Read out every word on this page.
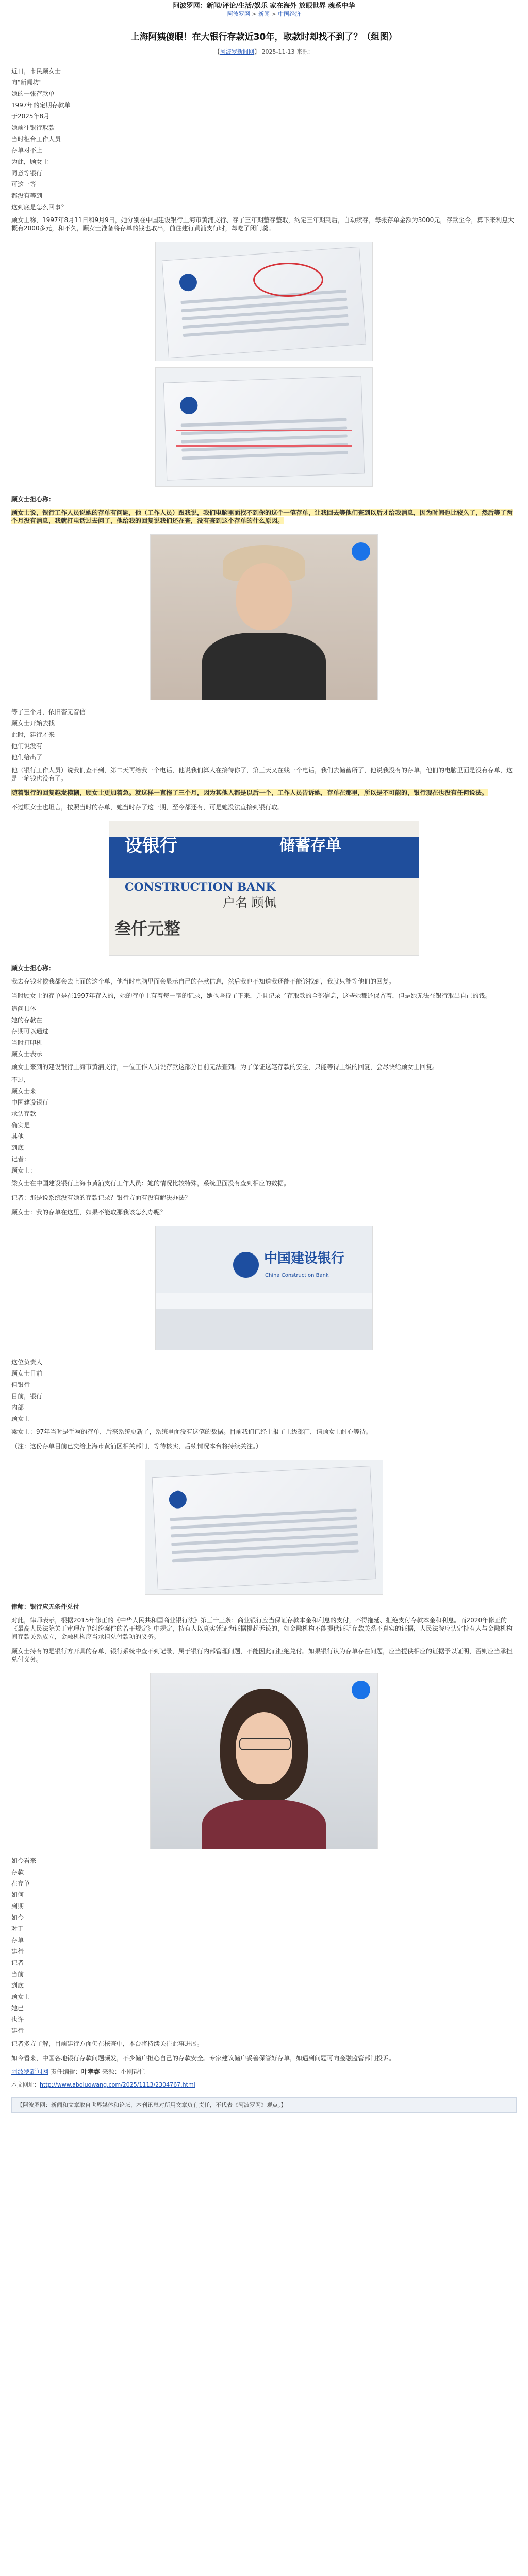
阿波罗网：新闻/评论/生活/娱乐 家在海外 放眼世界 魂系中华
阿波罗网 > 新闻 > 中国经济
上海阿姨傻眼！在大银行存款近30年，取款时却找不到了？（组图）
【阿波罗新闻网】 2025-11-13 来源：

近日，市民顾女士

向"新闻坊"

她的一张存款单

1997年的定期存款单

于2025年8月

她前往银行取款

当时柜台工作人员

存单对不上

为此，顾女士

同意等银行

可这一等

都没有等到

这到底是怎么回事？

顾女士称，1997年8月11日和9月9日，她分别在中国建设银行上海市黄浦支行、存了三年期整存整取，约定三年期到后，自动续存，每张存单金额为3000元，存款至今，算下来利息大概有2000多元，和不久，顾女士准备将存单的钱也取出，前往建行黄浦支行时，却吃了闭门羹。

顾女士担心称：

顾女士说，银行工作人员说她的存单有问题，他（工作人员）跟我说，我们电脑里面找不到你的这个一笔存单，让我回去等他们查到以后才给我消息，因为时间也比较久了，然后等了两个月没有消息，我就打电话过去问了，他给我的回复说我们还在查，没有查到这个存单的什么原因。

等了三个月，依旧杳无音信

顾女士开始去找

此时，建行才来

他们说没有

他们给出了

他（银行工作人员）说我们查不到，第二天再给我一个电话，他说我们算人在接待你了，第三天又在线一个电话，我们去储蓄所了，他说我没有的存单，他们的电脑里面是没有存单，这是一笔钱也没有了。

随着银行的回复越发模糊，顾女士更加着急。就这样一直拖了三个月，因为其他人都是以后一个，工作人员告诉她，存单在那里，所以是不可能的，银行现在也没有任何说法。

不过顾女士也坦言，按照当时的存单，她当时存了这一期，至今都还有，可是她没法直接到银行取。

设银行	储蓄存单
CONSTRUCTION BANK
户名 顾佩
叁仟元整

顾女士担心称：

我去存钱时候我都会去上面的这个单，他当时电脑里面会显示自己的存款信息，然后我也不知道我还能不能够找到，我就只能等他们的回复。

当时顾女士的存单是在1997年存入的，她的存单上有着每一笔的记录，她也坚持了下来，并且记录了存取款的全部信息，这些她都还保留着，但是她无法在银行取出自己的钱。

追问具体

她的存款在

存期可以通过

当时打印机

顾女士表示

顾女士来到的建设银行上海市黄浦支行，一位工作人员说存款这部分目前无法查到。为了保证这笔存款的安全，只能等待上级的回复，会尽快给顾女士回复。

不过，

顾女士来

中国建设银行

承认存款

确实是

其他

到底

记者：

顾女士：

梁女士在中国建设银行上海市黄浦支行工作人员：她的情况比较特殊，系统里面没有查到相应的数据。

记者：那是说系统没有她的存款记录？银行方面有没有解决办法？

顾女士：我的存单在这里，如果不能取那我该怎么办呢？

中国建设银行
China Construction Bank

这位负责人

顾女士目前

但银行

目前，银行

内部

顾女士

梁女士：97年当时是手写的存单，后来系统更新了，系统里面没有这笔的数据。目前我们已经上报了上级部门，请顾女士耐心等待。

（注：这份存单目前已交给上海市黄浦区相关部门，等待核实，后续情况本台将持续关注。）

律师：银行应无条件兑付

对此，律师表示，根据2015年修正的《中华人民共和国商业银行法》第三十三条：商业银行应当保证存款本金和利息的支付，不得拖延、拒绝支付存款本金和利息。而2020年修正的《最高人民法院关于审理存单纠纷案件的若干规定》中规定，持有人以真实凭证为证据提起诉讼的，如金融机构不能提供证明存款关系不真实的证据，人民法院应认定持有人与金融机构间存款关系成立，金融机构应当承担兑付款项的义务。

顾女士持有的是银行方开具的存单，银行系统中查不到记录，属于银行内部管理问题，不能因此而拒绝兑付。如果银行认为存单存在问题，应当提供相应的证据予以证明，否则应当承担兑付义务。

如今看来

存款

在存单

如何

到期

如今

对于

存单

建行

记者

当前

到底

顾女士

她已

也许

建行

记者多方了解，目前建行方面仍在核查中，本台将持续关注此事进展。

如今看来，中国各地银行存款问题频发，不少储户担心自己的存款安全。专家建议储户妥善保管好存单，如遇到问题可向金融监管部门投诉。

阿波罗新闻网 责任编辑：叶孝睿 来源：小刚帮忙

本文网址：http://www.aboluowang.com/2025/1113/2304767.html
【阿波罗网：新闻和文章取自世界媒体和论坛，本刊讯息对所用文章负有责任，不代表《阿波罗网》观点。】
